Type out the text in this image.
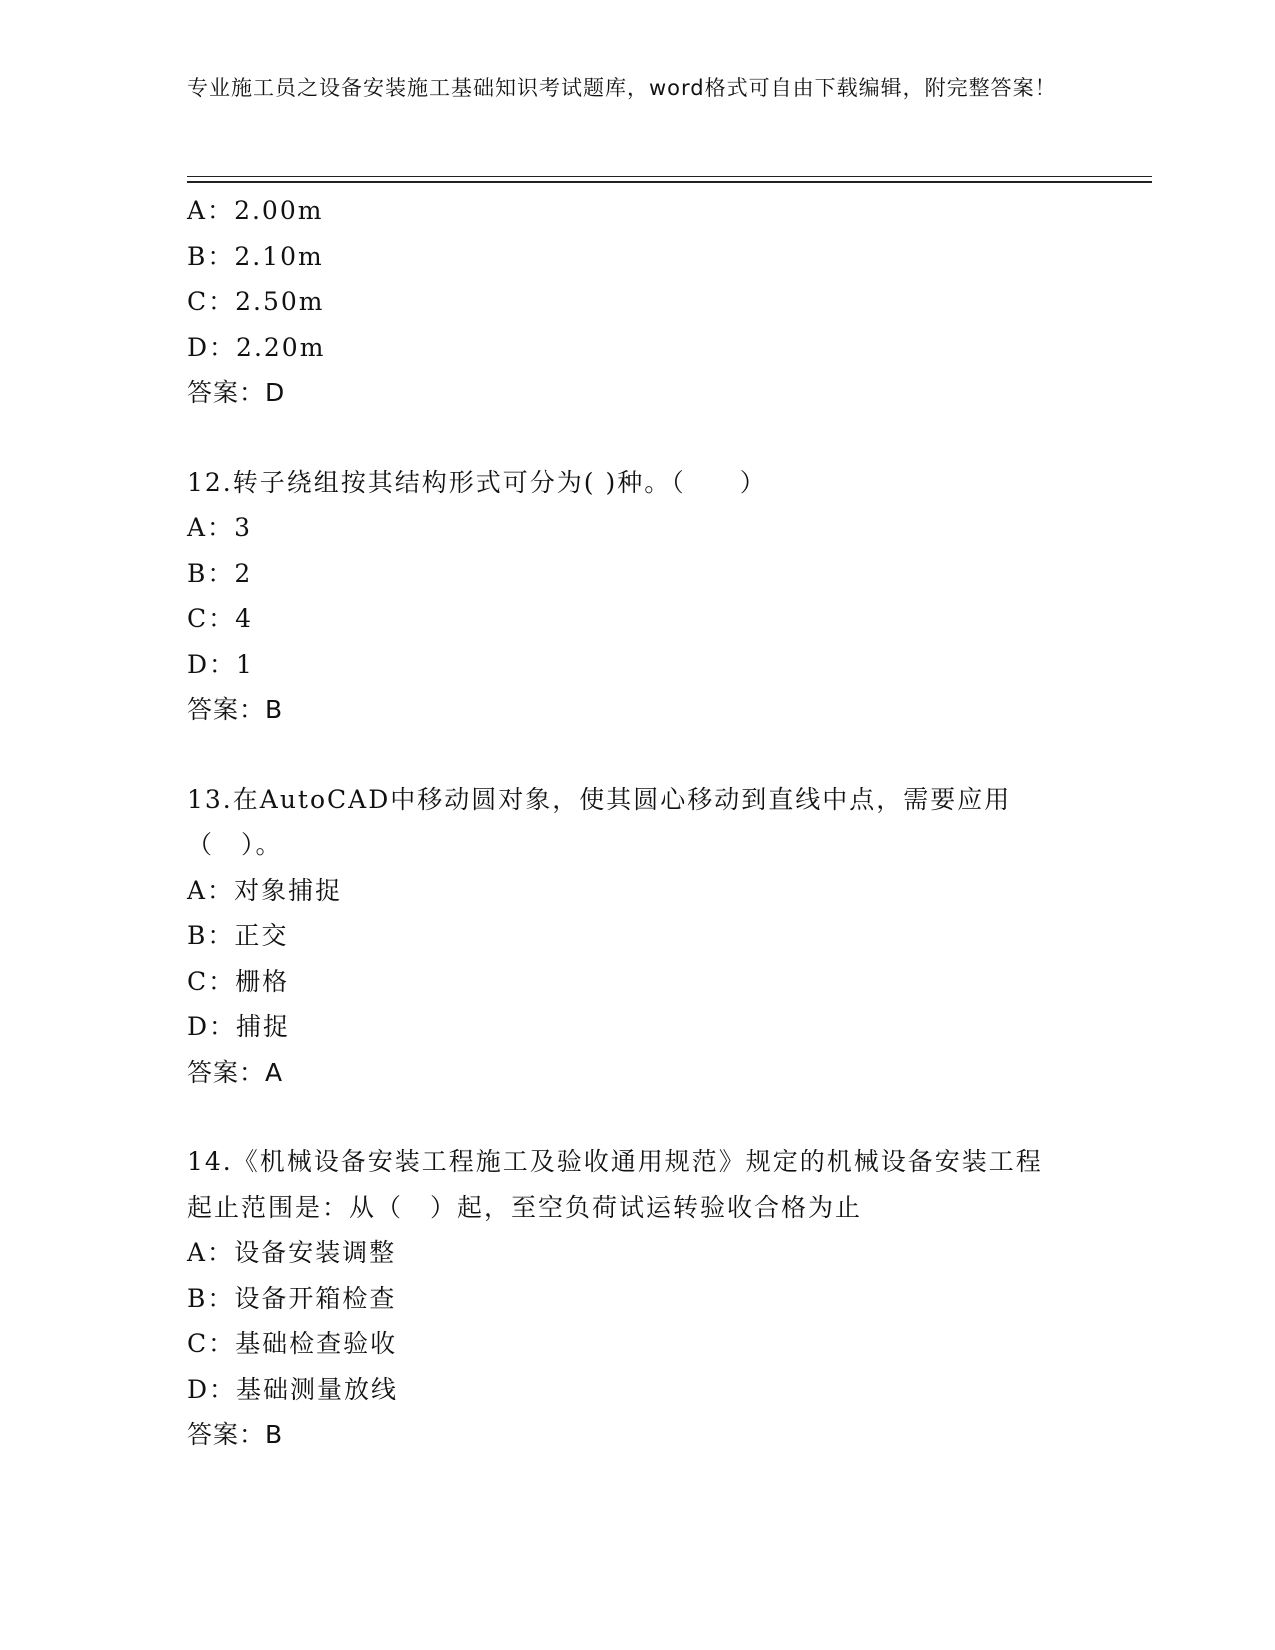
专业施工员之设备安装施工基础知识考试题库，word格式可自由下载编辑，附完整答案！
A：2.00m
B：2.10m
C：2.50m
D：2.20m
答案：D
12.转子绕组按其结构形式可分为( )种。（　　）
A：3
B：2
C：4
D：1
答案：B
13.在AutoCAD中移动圆对象，使其圆心移动到直线中点，需要应用（　）。
A：对象捕捉
B：正交
C：栅格
D：捕捉
答案：A
14.《机械设备安装工程施工及验收通用规范》规定的机械设备安装工程起止范围是：从（　）起，至空负荷试运转验收合格为止
A：设备安装调整
B：设备开箱检查
C：基础检查验收
D：基础测量放线
答案：B
